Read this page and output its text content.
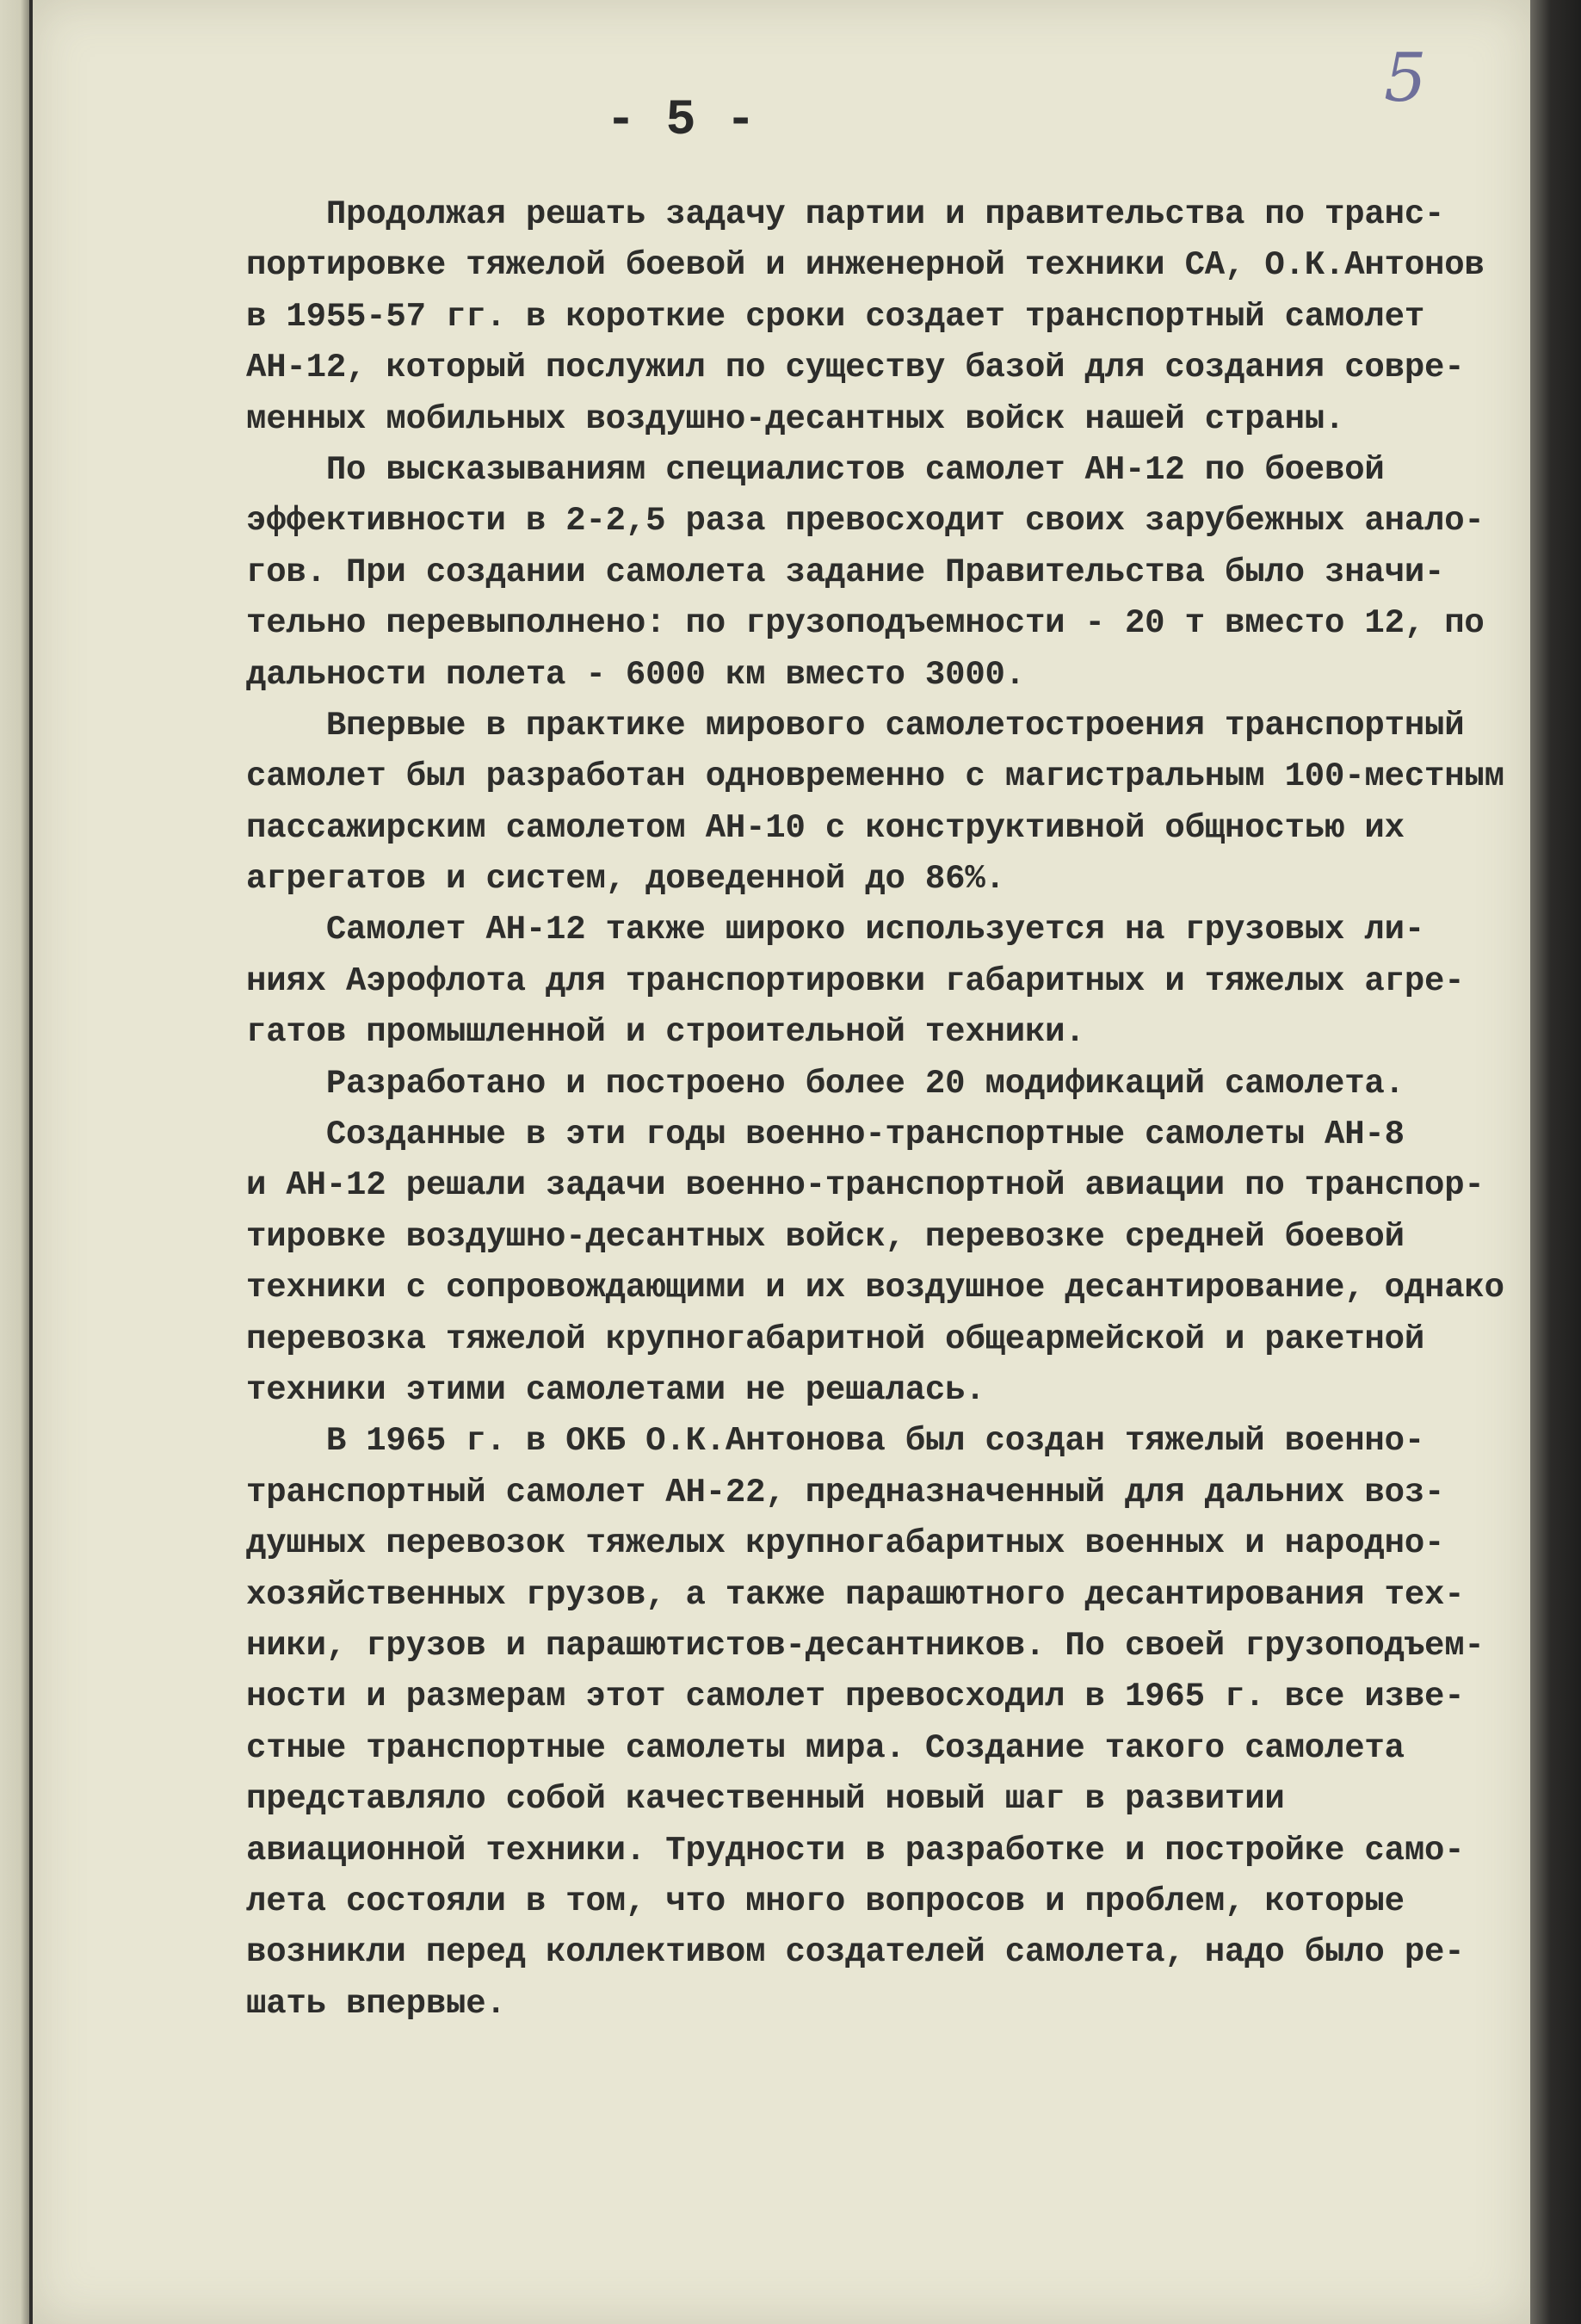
5

- 5 -

Продолжая решать задачу партии и правительства по транс-
портировке тяжелой боевой и инженерной техники СА, О.К.Антонов
в 1955-57 гг. в короткие сроки создает транспортный самолет
АН-12, который послужил по существу базой для создания совре-
менных мобильных воздушно-десантных войск нашей страны.
По высказываниям специалистов самолет АН-12 по боевой
эффективности в 2-2,5 раза превосходит своих зарубежных анало-
гов. При создании самолета задание Правительства было значи-
тельно перевыполнено: по грузоподъемности - 20 т вместо 12, по
дальности полета - 6000 км вместо 3000.
Впервые в практике мирового самолетостроения транспортный
самолет был разработан одновременно с магистральным 100-местным
пассажирским самолетом АН-10 с конструктивной общностью их
агрегатов и систем, доведенной до 86%.
Самолет АН-12 также широко используется на грузовых ли-
ниях Аэрофлота для транспортировки габаритных и тяжелых агре-
гатов промышленной и строительной техники.
Разработано и построено более 20 модификаций самолета.
Созданные в эти годы военно-транспортные самолеты АН-8
и АН-12 решали задачи военно-транспортной авиации по транспор-
тировке воздушно-десантных войск, перевозке средней боевой
техники с сопровождающими и их воздушное десантирование, однако
перевозка тяжелой крупногабаритной общеармейской и ракетной
техники этими самолетами не решалась.
В 1965 г. в ОКБ О.К.Антонова был создан тяжелый военно-
транспортный самолет АН-22, предназначенный для дальних воз-
душных перевозок тяжелых крупногабаритных военных и народно-
хозяйственных грузов, а также парашютного десантирования тех-
ники, грузов и парашютистов-десантников. По своей грузоподъем-
ности и размерам этот самолет превосходил в 1965 г. все изве-
стные транспортные самолеты мира. Создание такого самолета
представляло собой качественный новый шаг в развитии
авиационной техники. Трудности в разработке и постройке само-
лета состояли в том, что много вопросов и проблем, которые
возникли перед коллективом создателей самолета, надо было ре-
шать впервые.
